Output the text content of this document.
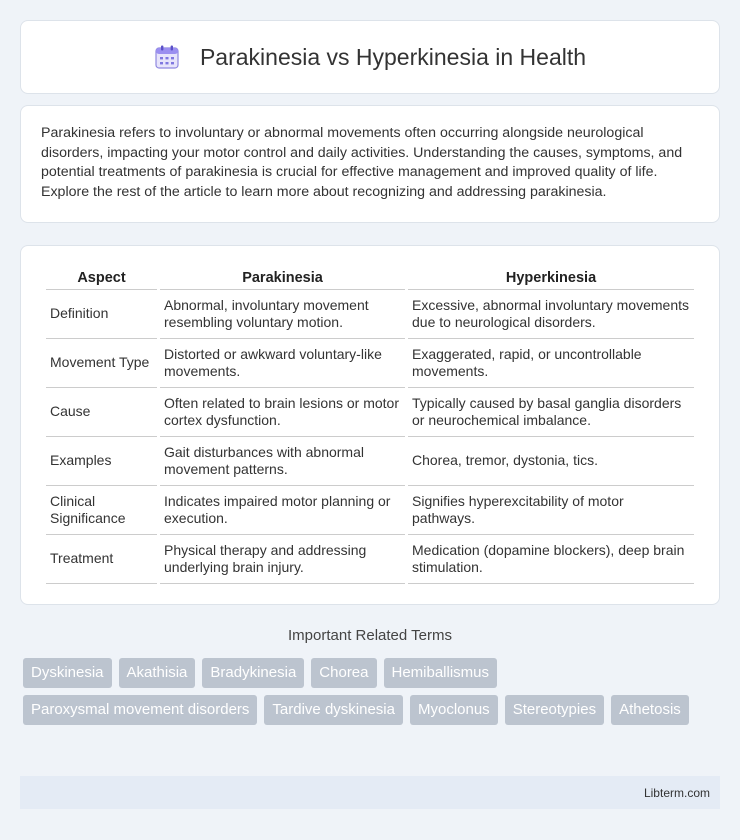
Parakinesia vs Hyperkinesia in Health

Parakinesia refers to involuntary or abnormal movements often occurring alongside neurological disorders, impacting your motor control and daily activities. Understanding the causes, symptoms, and potential treatments of parakinesia is crucial for effective management and improved quality of life. Explore the rest of the article to learn more about recognizing and addressing parakinesia.

Aspect	Parakinesia	Hyperkinesia
Definition	Abnormal, involuntary movement resembling voluntary motion.	Excessive, abnormal involuntary movements due to neurological disorders.
Movement Type	Distorted or awkward voluntary-like movements.	Exaggerated, rapid, or uncontrollable movements.
Cause	Often related to brain lesions or motor cortex dysfunction.	Typically caused by basal ganglia disorders or neurochemical imbalance.
Examples	Gait disturbances with abnormal movement patterns.	Chorea, tremor, dystonia, tics.
Clinical Significance	Indicates impaired motor planning or execution.	Signifies hyperexcitability of motor pathways.
Treatment	Physical therapy and addressing underlying brain injury.	Medication (dopamine blockers), deep brain stimulation.
Important Related Terms
Dyskinesia	Akathisia	Bradykinesia	Chorea	Hemiballismus
Paroxysmal movement disorders	Tardive dyskinesia	Myoclonus	Stereotypies	Athetosis
Libterm.com
